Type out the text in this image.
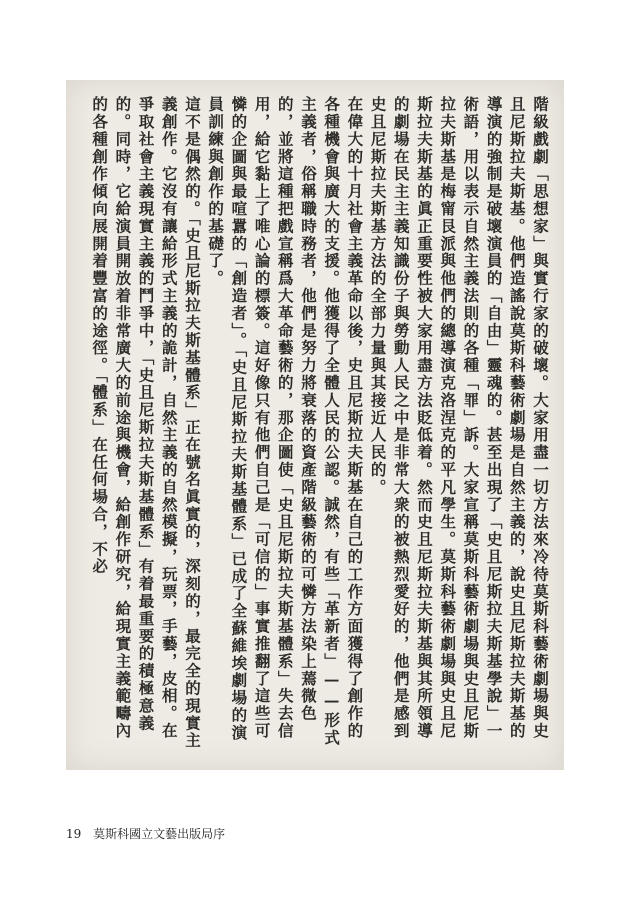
階級戲劇「思想家」與實行家的破壞。大家用盡一切方法來冷待莫斯科藝術劇場與史且尼斯拉夫斯基。他們造謠說莫斯科藝術劇場是自然主義的，說史且尼斯拉夫斯基的導演的強制是破壞演員的「自由」靈魂的。甚至出現了「史且尼斯拉夫斯基學說」一術語，用以表示自然主義法則的各種「罪」訴。大家宣稱莫斯科藝術劇場與史且尼斯拉夫斯基是梅甯艮派與他們的總導演克洛涅克的平凡學生。莫斯科藝術劇場與史且尼斯拉夫斯基的眞正重要性被大家用盡方法貶低着。然而史且尼斯拉夫斯基與其所領導的劇場在民主主義知識份子與勞動人民之中是非常大衆的被熱烈愛好的，他們是感到史且尼斯拉夫斯基方法的全部力量與其接近人民的。

在偉大的十月社會主義革命以後，史且尼斯拉夫斯基在自己的工作方面獲得了創作的各種機會與廣大的支援。他獲得了全體人民的公認。誠然，有些「革新者」——形式主義者，俗稱職時務者，他們是努力將衰落的資產階級藝術的可憐方法染上蔫微色的，並將這種把戲宣稱爲大革命藝術的，那企圖使「史且尼斯拉夫斯基體系」失去信用，給它黏上了唯心論的標簽。這好像只有他們自己是「可信的」事實推翻了這些可憐的企圖與最喧囂的「創造者」。「史且尼斯拉夫斯基體系」已成了全蘇維埃劇場的演員訓練與創作的基礎了。

這不是偶然的。「史且尼斯拉夫斯基體系」正在號名眞實的，深刻的，最完全的現實主義創作。它沒有讓給形式主義的詭計，自然主義的自然模擬，玩票，手藝，皮相。在爭取社會主義現實主義的鬥爭中，「史且尼斯拉夫斯基體系」有着最重要的積極意義的。同時，它給演員開放着非常廣大的前途與機會，給創作研究，給現實主義範疇內的各種創作傾向展開着豐富的途徑。「體系」在任何場合，不必

19 莫斯科國立文藝出版局序
